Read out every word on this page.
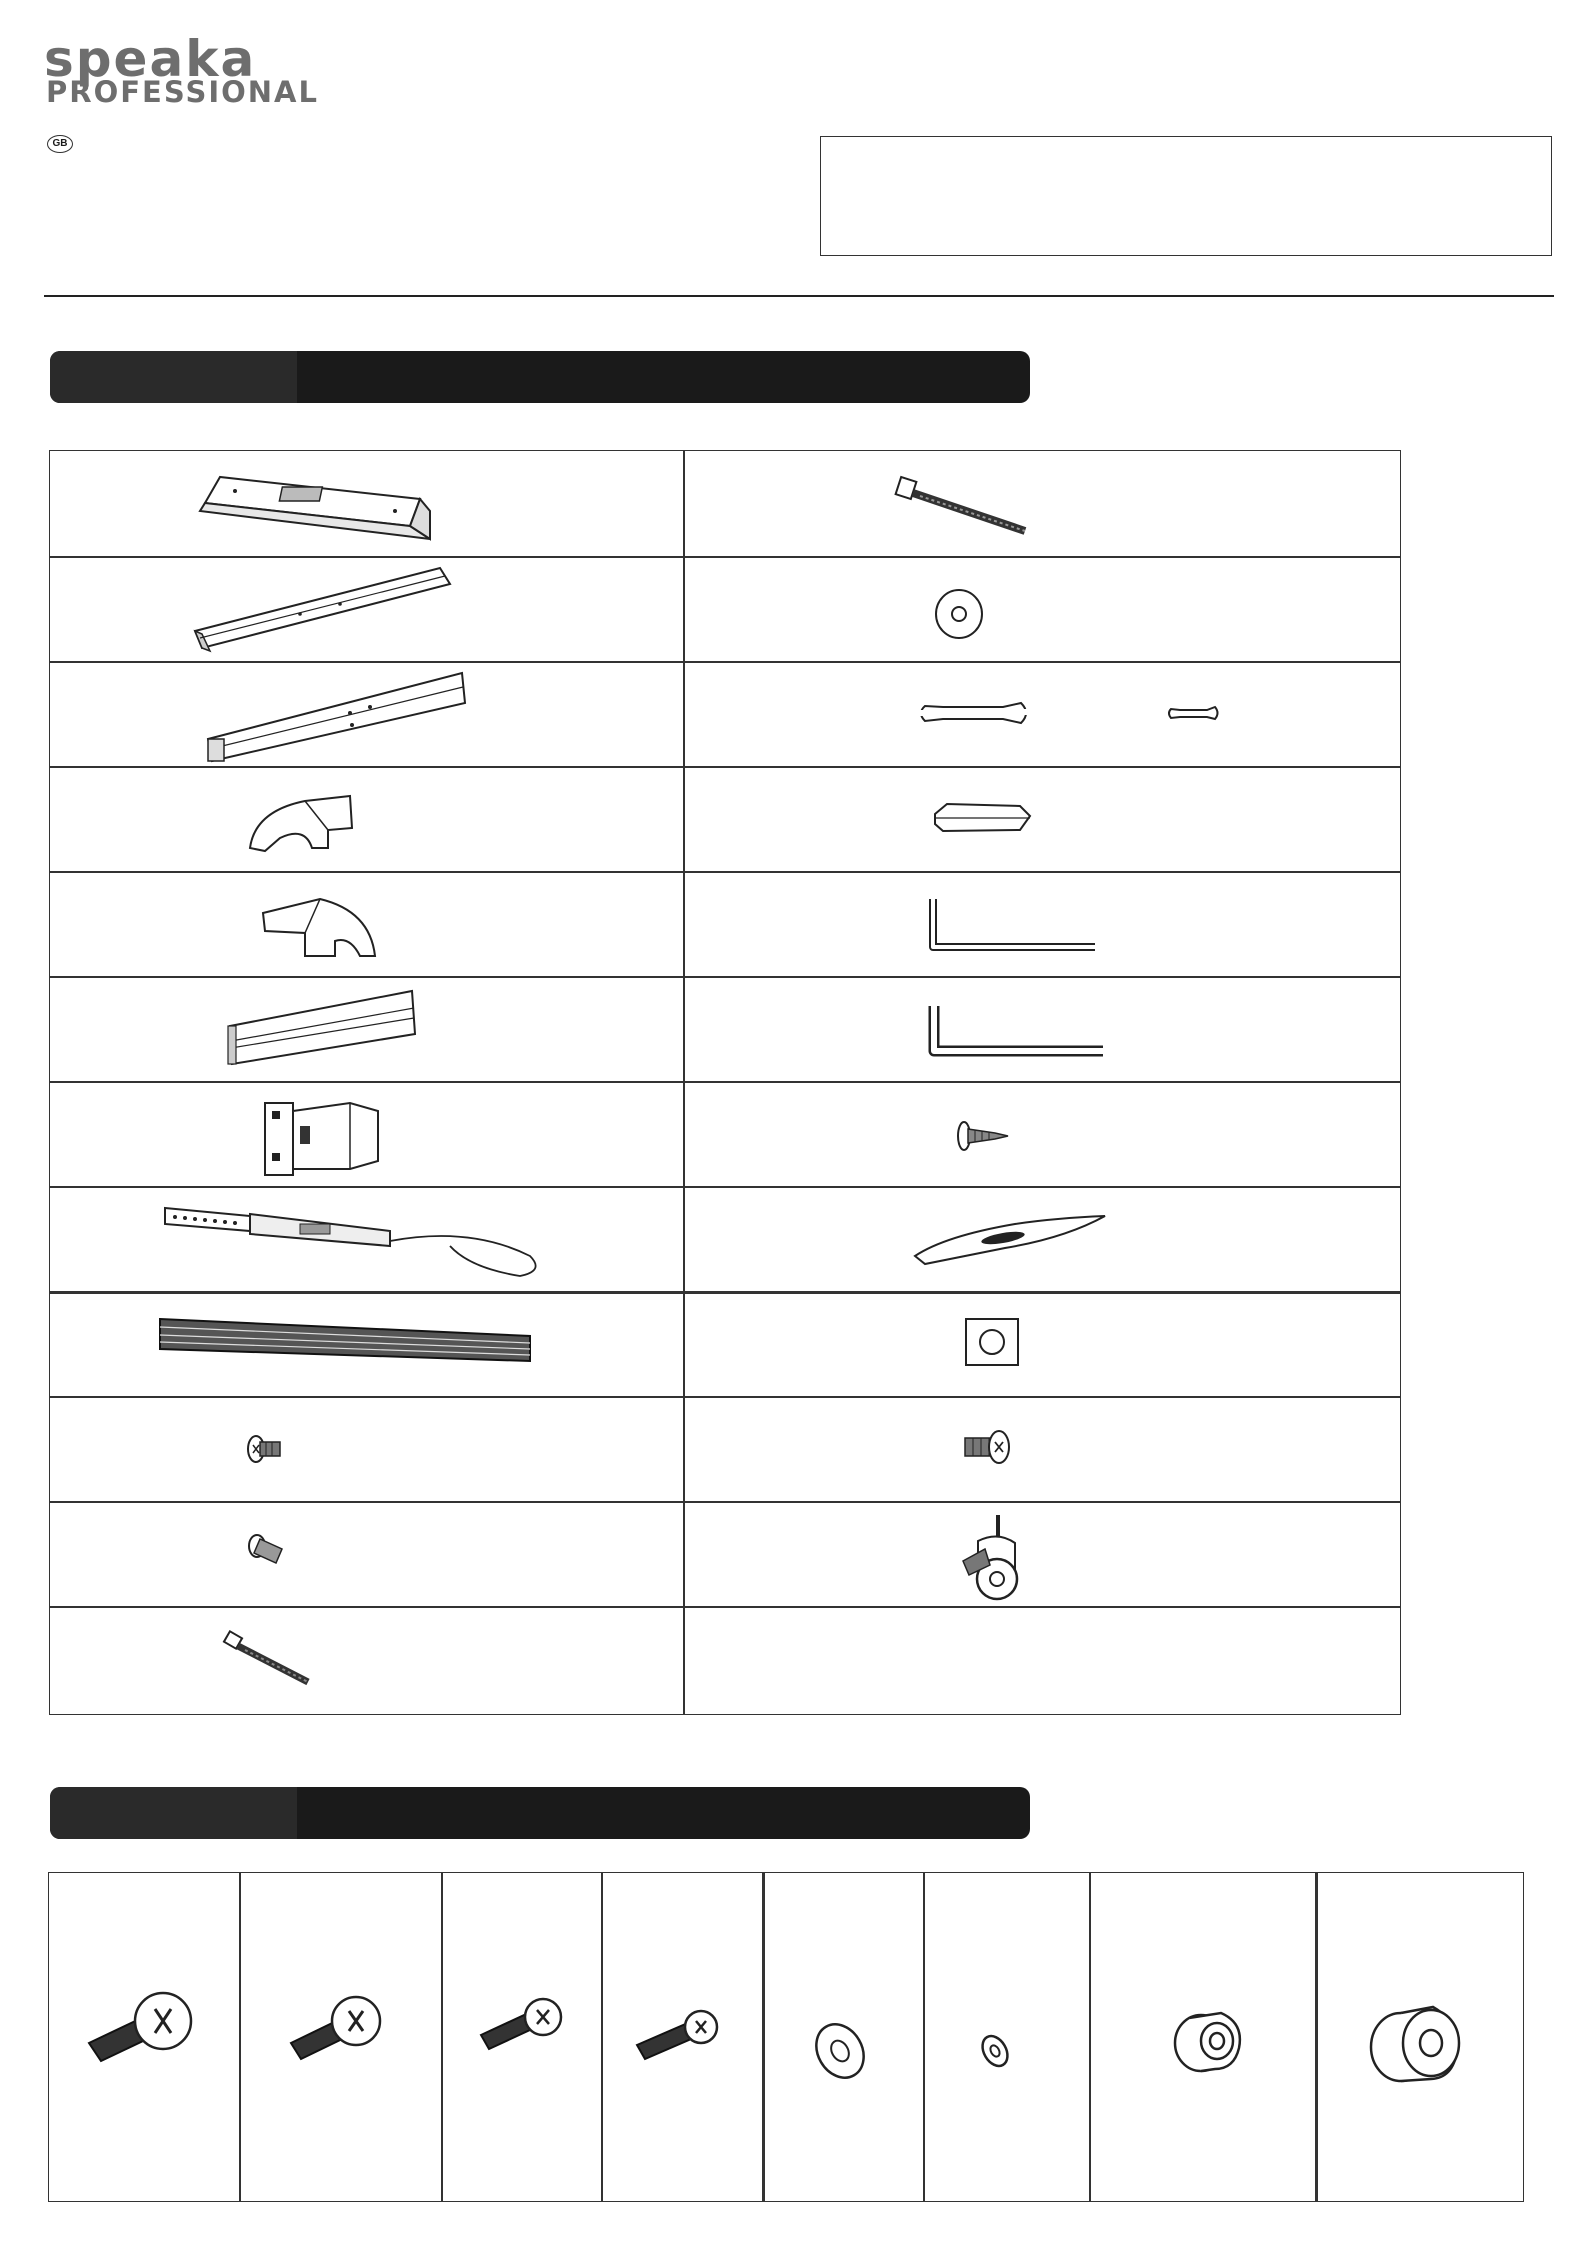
speaka
PROFESSIONAL
GB
